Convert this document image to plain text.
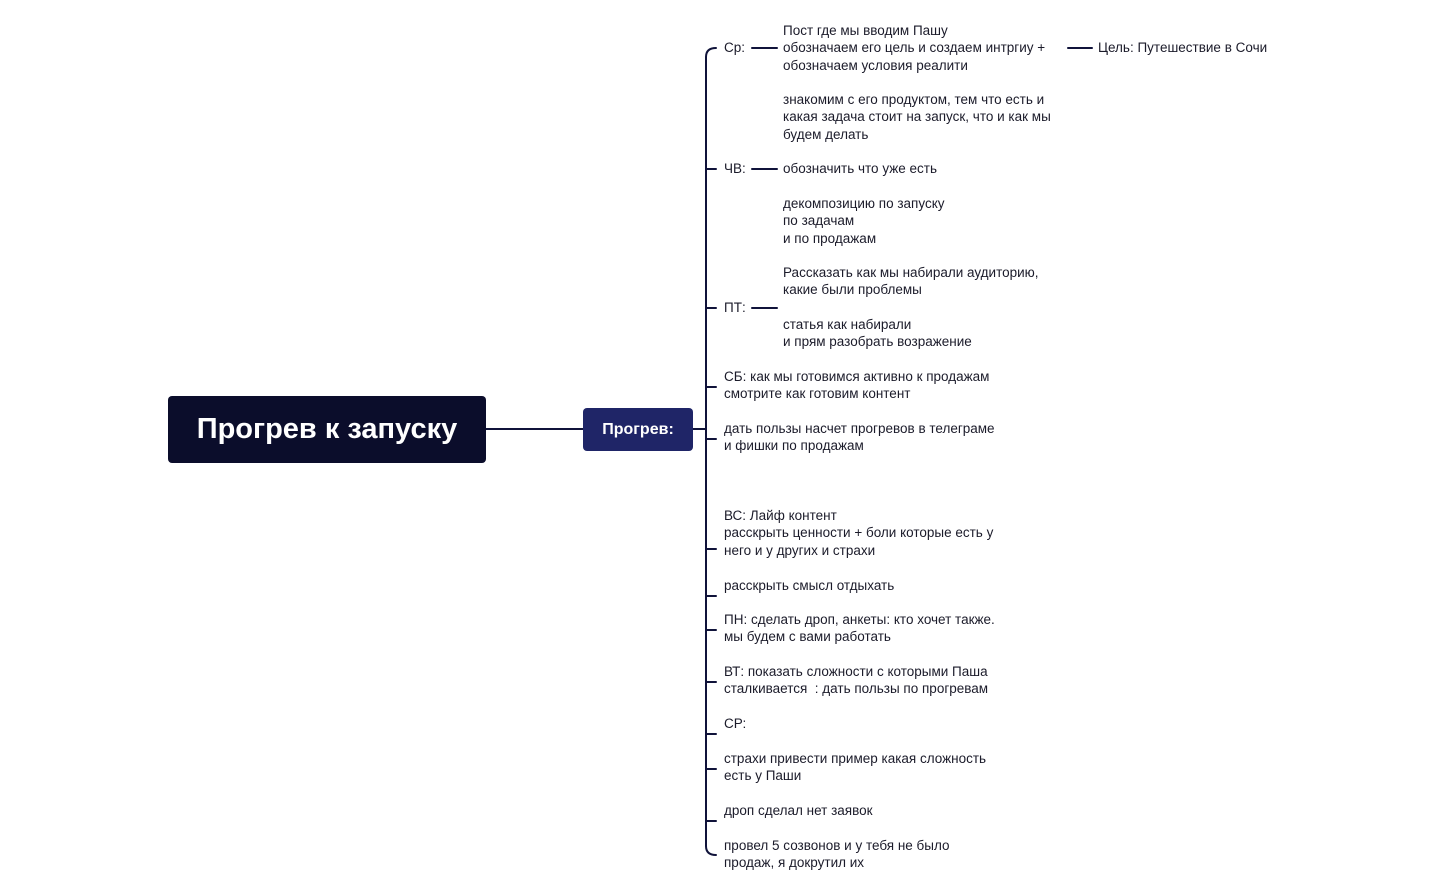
Прогрев к запуску	Прогрев:
Ср:
Пост где мы вводим Пашу
обозначаем его цель и создаем интргиу +
обозначаем условия реалити
Цель: Путешествие в Сочи
знакомим с его продуктом, тем что есть и
какая задача стоит на запуск, что и как мы
будем делать
ЧВ:	обозначить что уже есть
декомпозицию по запуску
по задачам
и по продажам
ПТ:
Рассказать как мы набирали аудиторию,
какие были проблемы
статья как набирали
и прям разобрать возражение
СБ: как мы готовимся активно к продажам
смотрите как готовим контент
дать пользы насчет прогревов в телеграме
и фишки по продажам
ВС: Лайф контент
расскрыть ценности + боли которые есть у
него и у других и страхи
расскрыть смысл отдыхать
ПН: сделать дроп, анкеты: кто хочет также.
мы будем с вами работать
ВТ: показать сложности с которыми Паша
сталкивается  : дать пользы по прогревам
СР:
страхи привести пример какая сложность
есть у Паши
дроп сделал нет заявок
провел 5 созвонов и у тебя не было
продаж, я докрутил их
